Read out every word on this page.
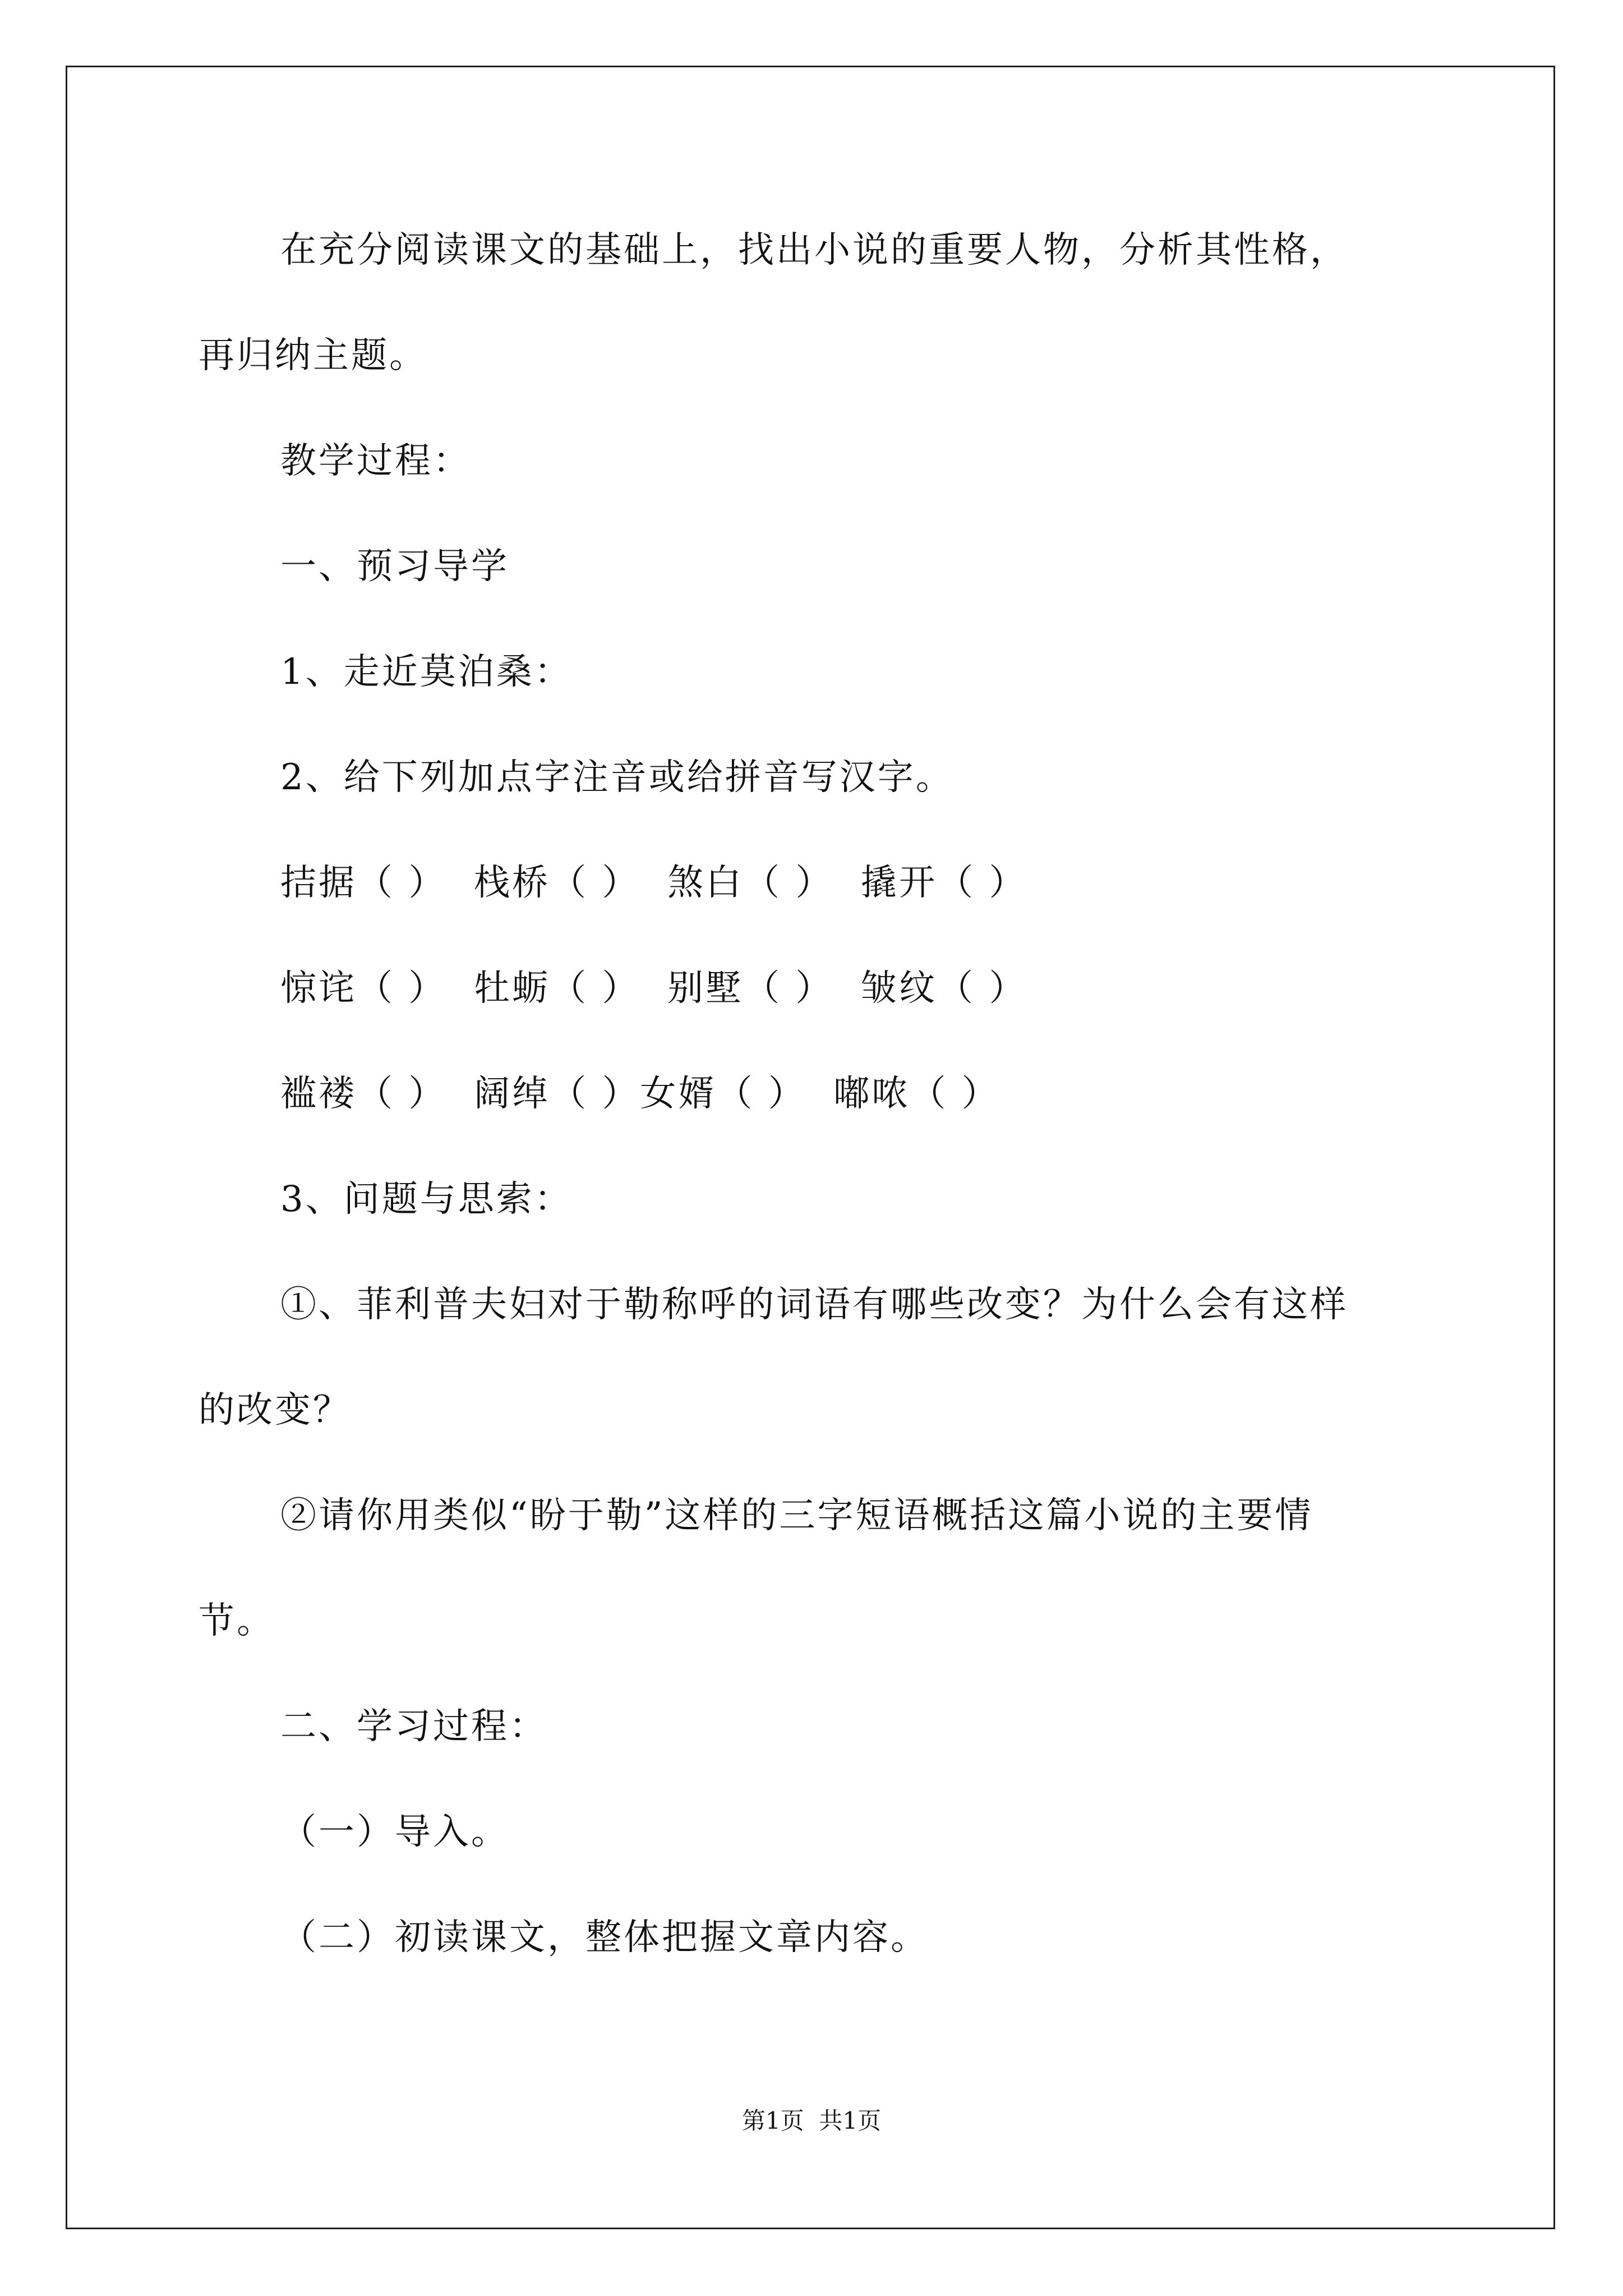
在充分阅读课文的基础上，找出小说的重要人物，分析其性格，
再归纳主题。
教学过程：
一、预习导学
1、走近莫泊桑：
2、给下列加点字注音或给拼音写汉字。
拮据（ ）  栈桥（ ）  煞白（ ）  撬开（ ）
惊诧（ ）  牡蛎（ ）  别墅（ ）  皱纹（ ）
褴褛（ ）  阔绰（ ）女婿（ ）  嘟哝（ ）
3、问题与思索：
①、菲利普夫妇对于勒称呼的词语有哪些改变？为什么会有这样
的改变？
②请你用类似“盼于勒”这样的三字短语概括这篇小说的主要情
节。
二、学习过程：
（一）导入。
（二）初读课文，整体把握文章内容。
第1页  共1页
